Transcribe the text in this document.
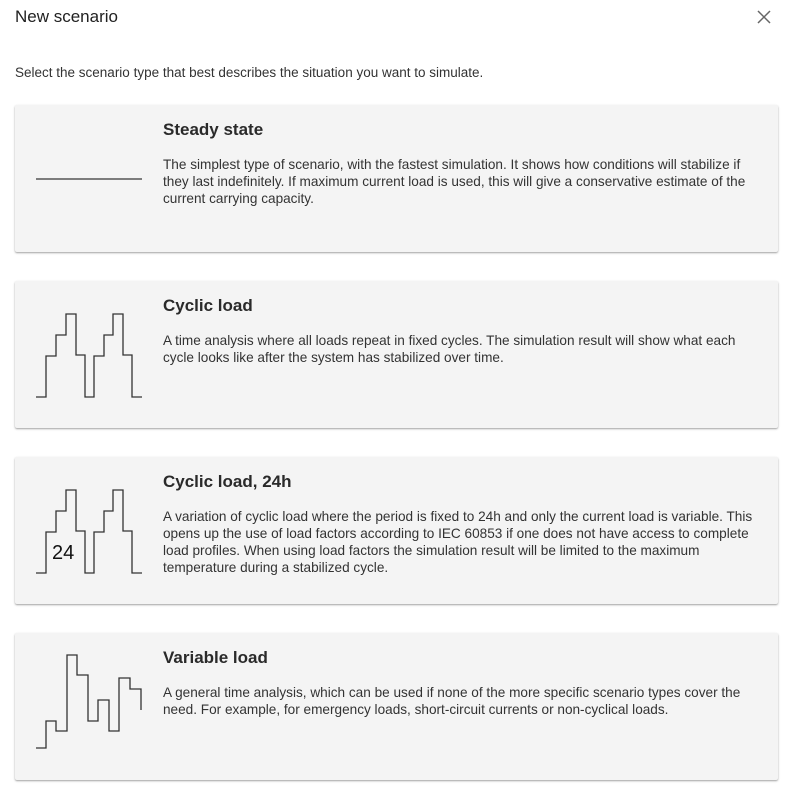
New scenario
Select the scenario type that best describes the situation you want to simulate.
Steady state

The simplest type of scenario, with the fastest simulation. It shows how conditions will stabilize if they last indefinitely. If maximum current load is used, this will give a conservative estimate of the current carrying capacity.

Cyclic load

A time analysis where all loads repeat in fixed cycles. The simulation result will show what each cycle looks like after the system has stabilized over time.

24
Cyclic load, 24h

A variation of cyclic load where the period is fixed to 24h and only the current load is variable. This opens up the use of load factors according to IEC 60853 if one does not have access to complete load profiles. When using load factors the simulation result will be limited to the maximum temperature during a stabilized cycle.

Variable load

A general time analysis, which can be used if none of the more specific scenario types cover the need. For example, for emergency loads, short-circuit currents or non-cyclical loads.
